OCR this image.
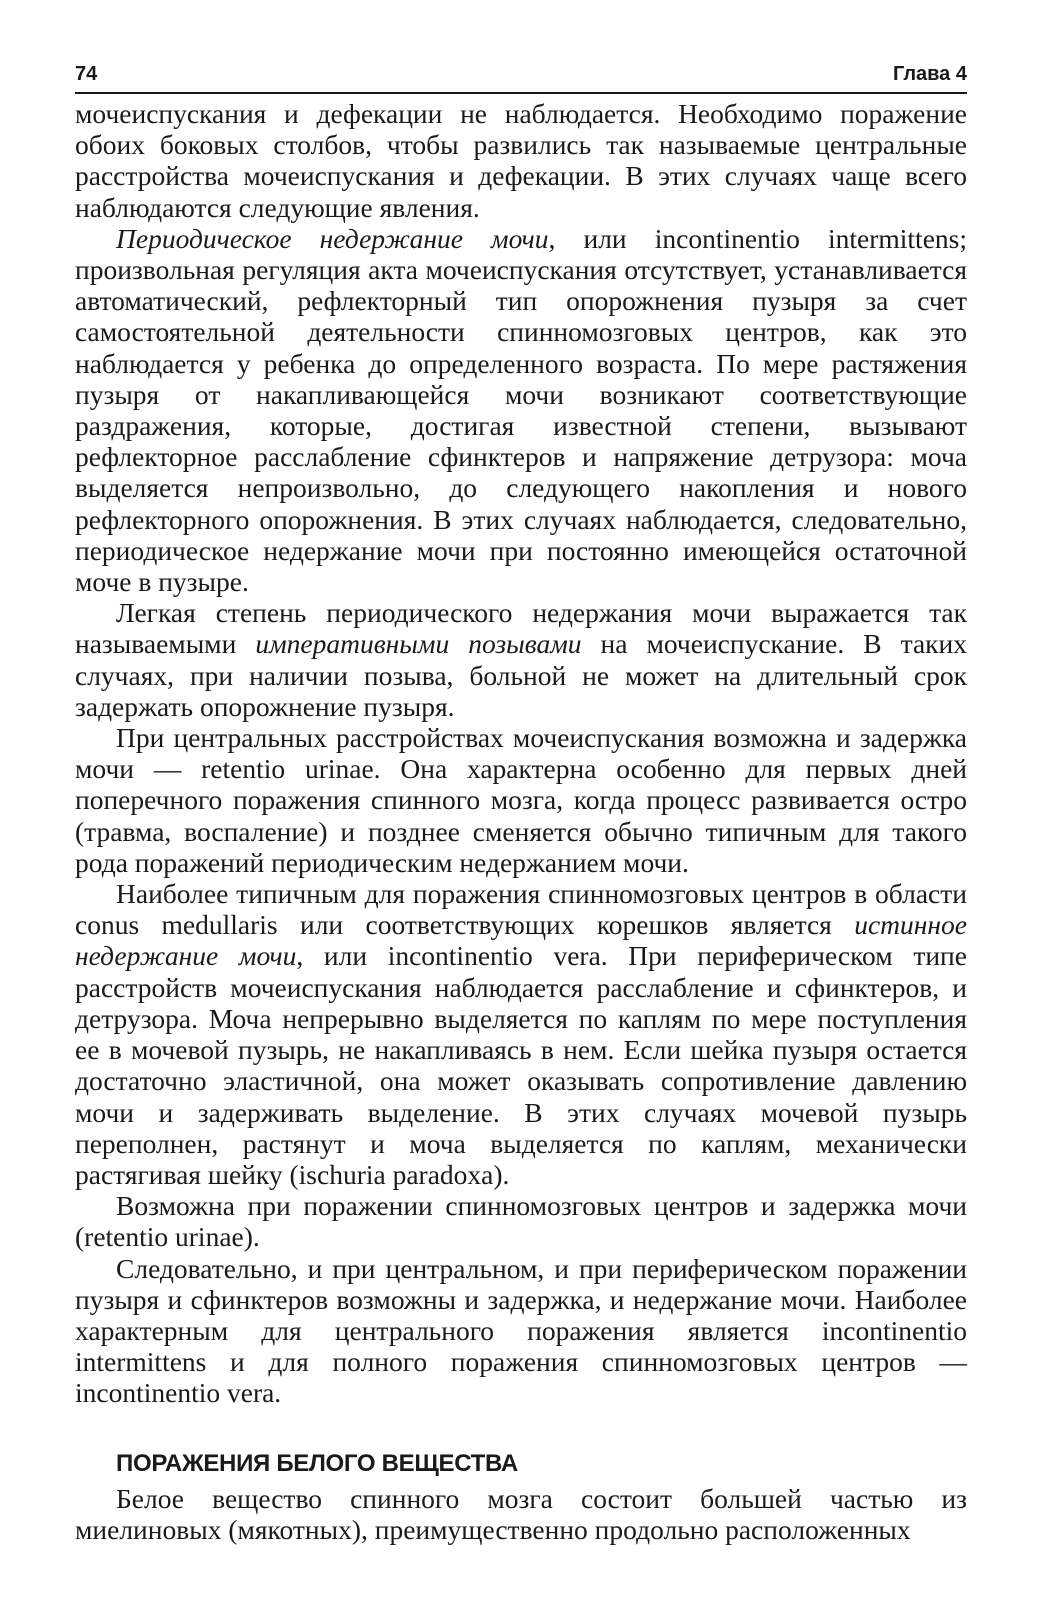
74	Глава 4

мочеиспускания и дефекации не наблюдается. Необходимо поражение обоих боковых столбов, чтобы развились так называемые центральные расстройства мочеиспускания и дефекации. В этих случаях чаще всего наблюдаются следующие явления.

Периодическое недержание мочи, или incontinentio intermittens; произвольная регуляция акта мочеиспускания отсутствует, устанавливается автоматический, рефлекторный тип опорожнения пузыря за счет самостоятельной деятельности спинномозговых центров, как это наблюдается у ребенка до определенного возраста. По мере растяжения пузыря от накапливающейся мочи возникают соответствующие раздражения, которые, достигая известной степени, вызывают рефлекторное расслабление сфинктеров и напряжение детрузора: моча выделяется непроизвольно, до следующего накопления и нового рефлекторного опорожнения. В этих случаях наблюдается, следовательно, периодическое недержание мочи при постоянно имеющейся остаточной моче в пузыре.

Легкая степень периодического недержания мочи выражается так называемыми императивными позывами на мочеиспускание. В таких случаях, при наличии позыва, больной не может на длительный срок задержать опорожнение пузыря.

При центральных расстройствах мочеиспускания возможна и задержка мочи — retentio urinae. Она характерна особенно для первых дней поперечного поражения спинного мозга, когда процесс развивается остро (травма, воспаление) и позднее сменяется обычно типичным для такого рода поражений периодическим недержанием мочи.

Наиболее типичным для поражения спинномозговых центров в области conus medullaris или соответствующих корешков является истинное недержание мочи, или incontinentio vera. При периферическом типе расстройств мочеиспускания наблюдается расслабление и сфинктеров, и детрузора. Моча непрерывно выделяется по каплям по мере поступления ее в мочевой пузырь, не накапливаясь в нем. Если шейка пузыря остается достаточно эластичной, она может оказывать сопротивление давлению мочи и задерживать выделение. В этих случаях мочевой пузырь переполнен, растянут и моча выделяется по каплям, механически растягивая шейку (ischuria paradoxa).

Возможна при поражении спинномозговых центров и задержка мочи (retentio urinae).

Следовательно, и при центральном, и при периферическом поражении пузыря и сфинктеров возможны и задержка, и недержание мочи. Наиболее характерным для центрального поражения является incontinentio intermittens и для полного поражения спинномозговых центров — incontinentio vera.

ПОРАЖЕНИЯ БЕЛОГО ВЕЩЕСТВА

Белое вещество спинного мозга состоит большей частью из миелиновых (мякотных), преимущественно продольно расположенных
